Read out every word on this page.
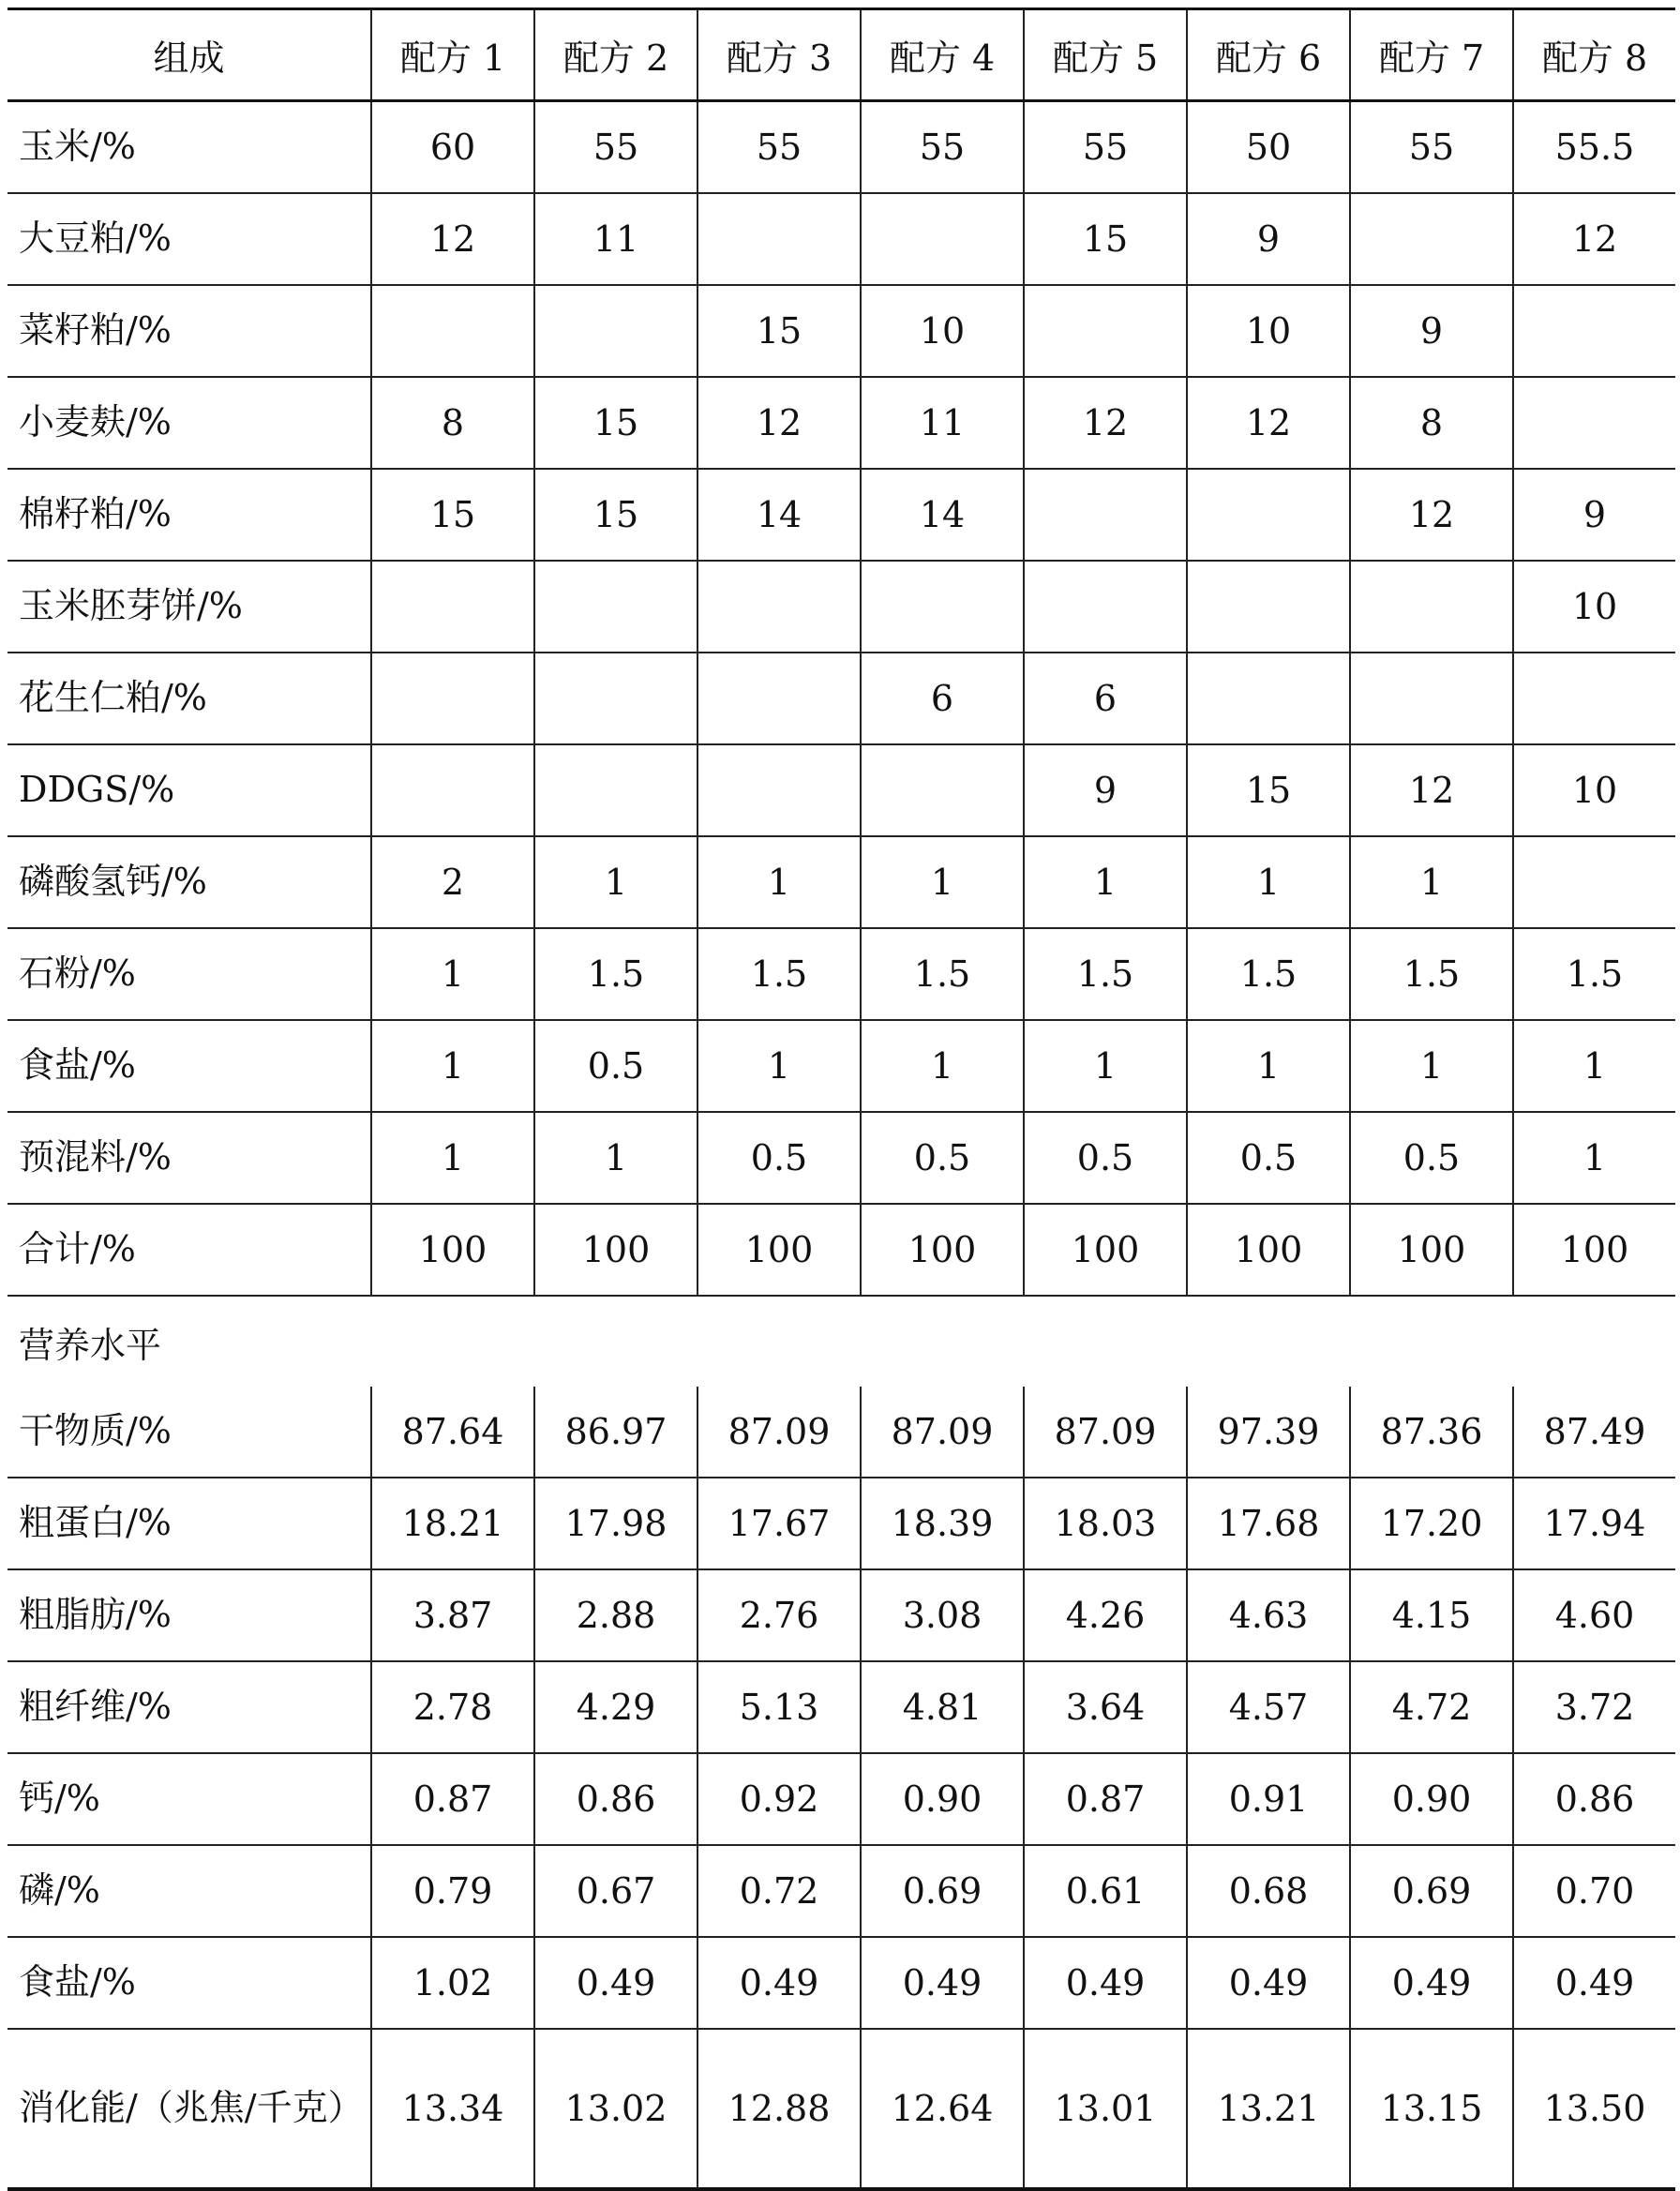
组成	配方 1	配方 2	配方 3	配方 4	配方 5	配方 6	配方 7	配方 8
玉米/%	60	55	55	55	55	50	55	55.5
大豆粕/%	12	11			15	9		12
菜籽粕/%			15	10		10	9	
小麦麸/%	8	15	12	11	12	12	8	
棉籽粕/%	15	15	14	14			12	9
玉米胚芽饼/%								10
花生仁粕/%				6	6			
DDGS/%					9	15	12	10
磷酸氢钙/%	2	1	1	1	1	1	1	
石粉/%	1	1.5	1.5	1.5	1.5	1.5	1.5	1.5
食盐/%	1	0.5	1	1	1	1	1	1
预混料/%	1	1	0.5	0.5	0.5	0.5	0.5	1
合计/%	100	100	100	100	100	100	100	100
营养水平								
干物质/%	87.64	86.97	87.09	87.09	87.09	97.39	87.36	87.49
粗蛋白/%	18.21	17.98	17.67	18.39	18.03	17.68	17.20	17.94
粗脂肪/%	3.87	2.88	2.76	3.08	4.26	4.63	4.15	4.60
粗纤维/%	2.78	4.29	5.13	4.81	3.64	4.57	4.72	3.72
钙/%	0.87	0.86	0.92	0.90	0.87	0.91	0.90	0.86
磷/%	0.79	0.67	0.72	0.69	0.61	0.68	0.69	0.70
食盐/%	1.02	0.49	0.49	0.49	0.49	0.49	0.49	0.49
消化能/（兆焦/千克）	13.34	13.02	12.88	12.64	13.01	13.21	13.15	13.50
